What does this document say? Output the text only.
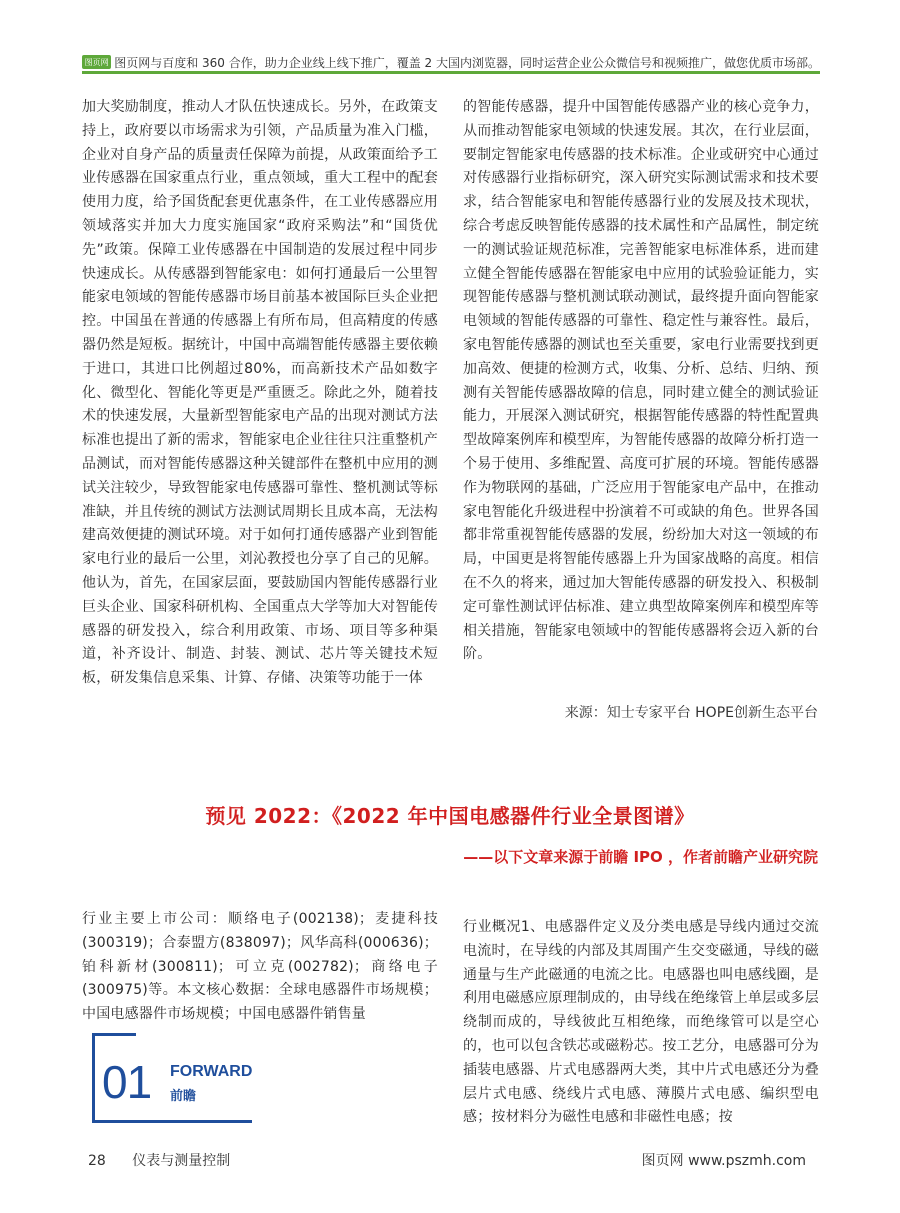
图页网 图页网与百度和 360 合作，助力企业线上线下推广，覆盖 2 大国内浏览器，同时运营企业公众微信号和视频推广，做您优质市场部。
加大奖励制度，推动人才队伍快速成长。另外，在政策支持上，政府要以市场需求为引领，产品质量为准入门槛，企业对自身产品的质量责任保障为前提，从政策面给予工业传感器在国家重点行业，重点领域，重大工程中的配套使用力度，给予国货配套更优惠条件，在工业传感器应用领域落实并加大力度实施国家“政府采购法”和“国货优先”政策。保障工业传感器在中国制造的发展过程中同步快速成长。从传感器到智能家电：如何打通最后一公里智能家电领域的智能传感器市场目前基本被国际巨头企业把控。中国虽在普通的传感器上有所布局，但高精度的传感器仍然是短板。据统计，中国中高端智能传感器主要依赖于进口，其进口比例超过80%，而高新技术产品如数字化、微型化、智能化等更是严重匮乏。除此之外，随着技术的快速发展，大量新型智能家电产品的出现对测试方法标准也提出了新的需求，智能家电企业往往只注重整机产品测试，而对智能传感器这种关键部件在整机中应用的测试关注较少，导致智能家电传感器可靠性、整机测试等标准缺，并且传统的测试方法测试周期长且成本高，无法构建高效便捷的测试环境。对于如何打通传感器产业到智能家电行业的最后一公里，刘沁教授也分享了自己的见解。他认为，首先，在国家层面，要鼓励国内智能传感器行业巨头企业、国家科研机构、全国重点大学等加大对智能传感器的研发投入，综合利用政策、市场、项目等多种渠道，补齐设计、制造、封装、测试、芯片等关键技术短板，研发集信息采集、计算、存储、决策等功能于一体
的智能传感器，提升中国智能传感器产业的核心竞争力，从而推动智能家电领域的快速发展。其次，在行业层面，要制定智能家电传感器的技术标准。企业或研究中心通过对传感器行业指标研究，深入研究实际测试需求和技术要求，结合智能家电和智能传感器行业的发展及技术现状，综合考虑反映智能传感器的技术属性和产品属性，制定统一的测试验证规范标准，完善智能家电标准体系，进而建立健全智能传感器在智能家电中应用的试验验证能力，实现智能传感器与整机测试联动测试，最终提升面向智能家电领域的智能传感器的可靠性、稳定性与兼容性。最后，家电智能传感器的测试也至关重要，家电行业需要找到更加高效、便捷的检测方式，收集、分析、总结、归纳、预测有关智能传感器故障的信息，同时建立健全的测试验证能力，开展深入测试研究，根据智能传感器的特性配置典型故障案例库和模型库，为智能传感器的故障分析打造一个易于使用、多维配置、高度可扩展的环境。智能传感器作为物联网的基础，广泛应用于智能家电产品中，在推动家电智能化升级进程中扮演着不可或缺的角色。世界各国都非常重视智能传感器的发展，纷纷加大对这一领域的布局，中国更是将智能传感器上升为国家战略的高度。相信在不久的将来，通过加大智能传感器的研发投入、积极制定可靠性测试评估标准、建立典型故障案例库和模型库等相关措施，智能家电领域中的智能传感器将会迈入新的台阶。
来源：知士专家平台 HOPE创新生态平台
预见 2022：《2022 年中国电感器件行业全景图谱》
——以下文章来源于前瞻 IPO ，作者前瞻产业研究院
行业主要上市公司：顺络电子(002138)；麦捷科技(300319)；合泰盟方(838097)；风华高科(000636)；铂科新材(300811)；可立克(002782)；商络电子(300975)等。本文核心数据：全球电感器件市场规模；中国电感器件市场规模；中国电感器件销售量
01 FORWARD
前瞻
行业概况1、电感器件定义及分类电感是导线内通过交流电流时，在导线的内部及其周围产生交变磁通，导线的磁通量与生产此磁通的电流之比。电感器也叫电感线圈，是利用电磁感应原理制成的，由导线在绝缘管上单层或多层绕制而成的，导线彼此互相绝缘，而绝缘管可以是空心的，也可以包含铁芯或磁粉芯。按工艺分，电感器可分为插装电感器、片式电感器两大类，其中片式电感还分为叠层片式电感、绕线片式电感、薄膜片式电感、编织型电感；按材料分为磁性电感和非磁性电感；按
28 仪表与测量控制	图页网 www.pszmh.com
